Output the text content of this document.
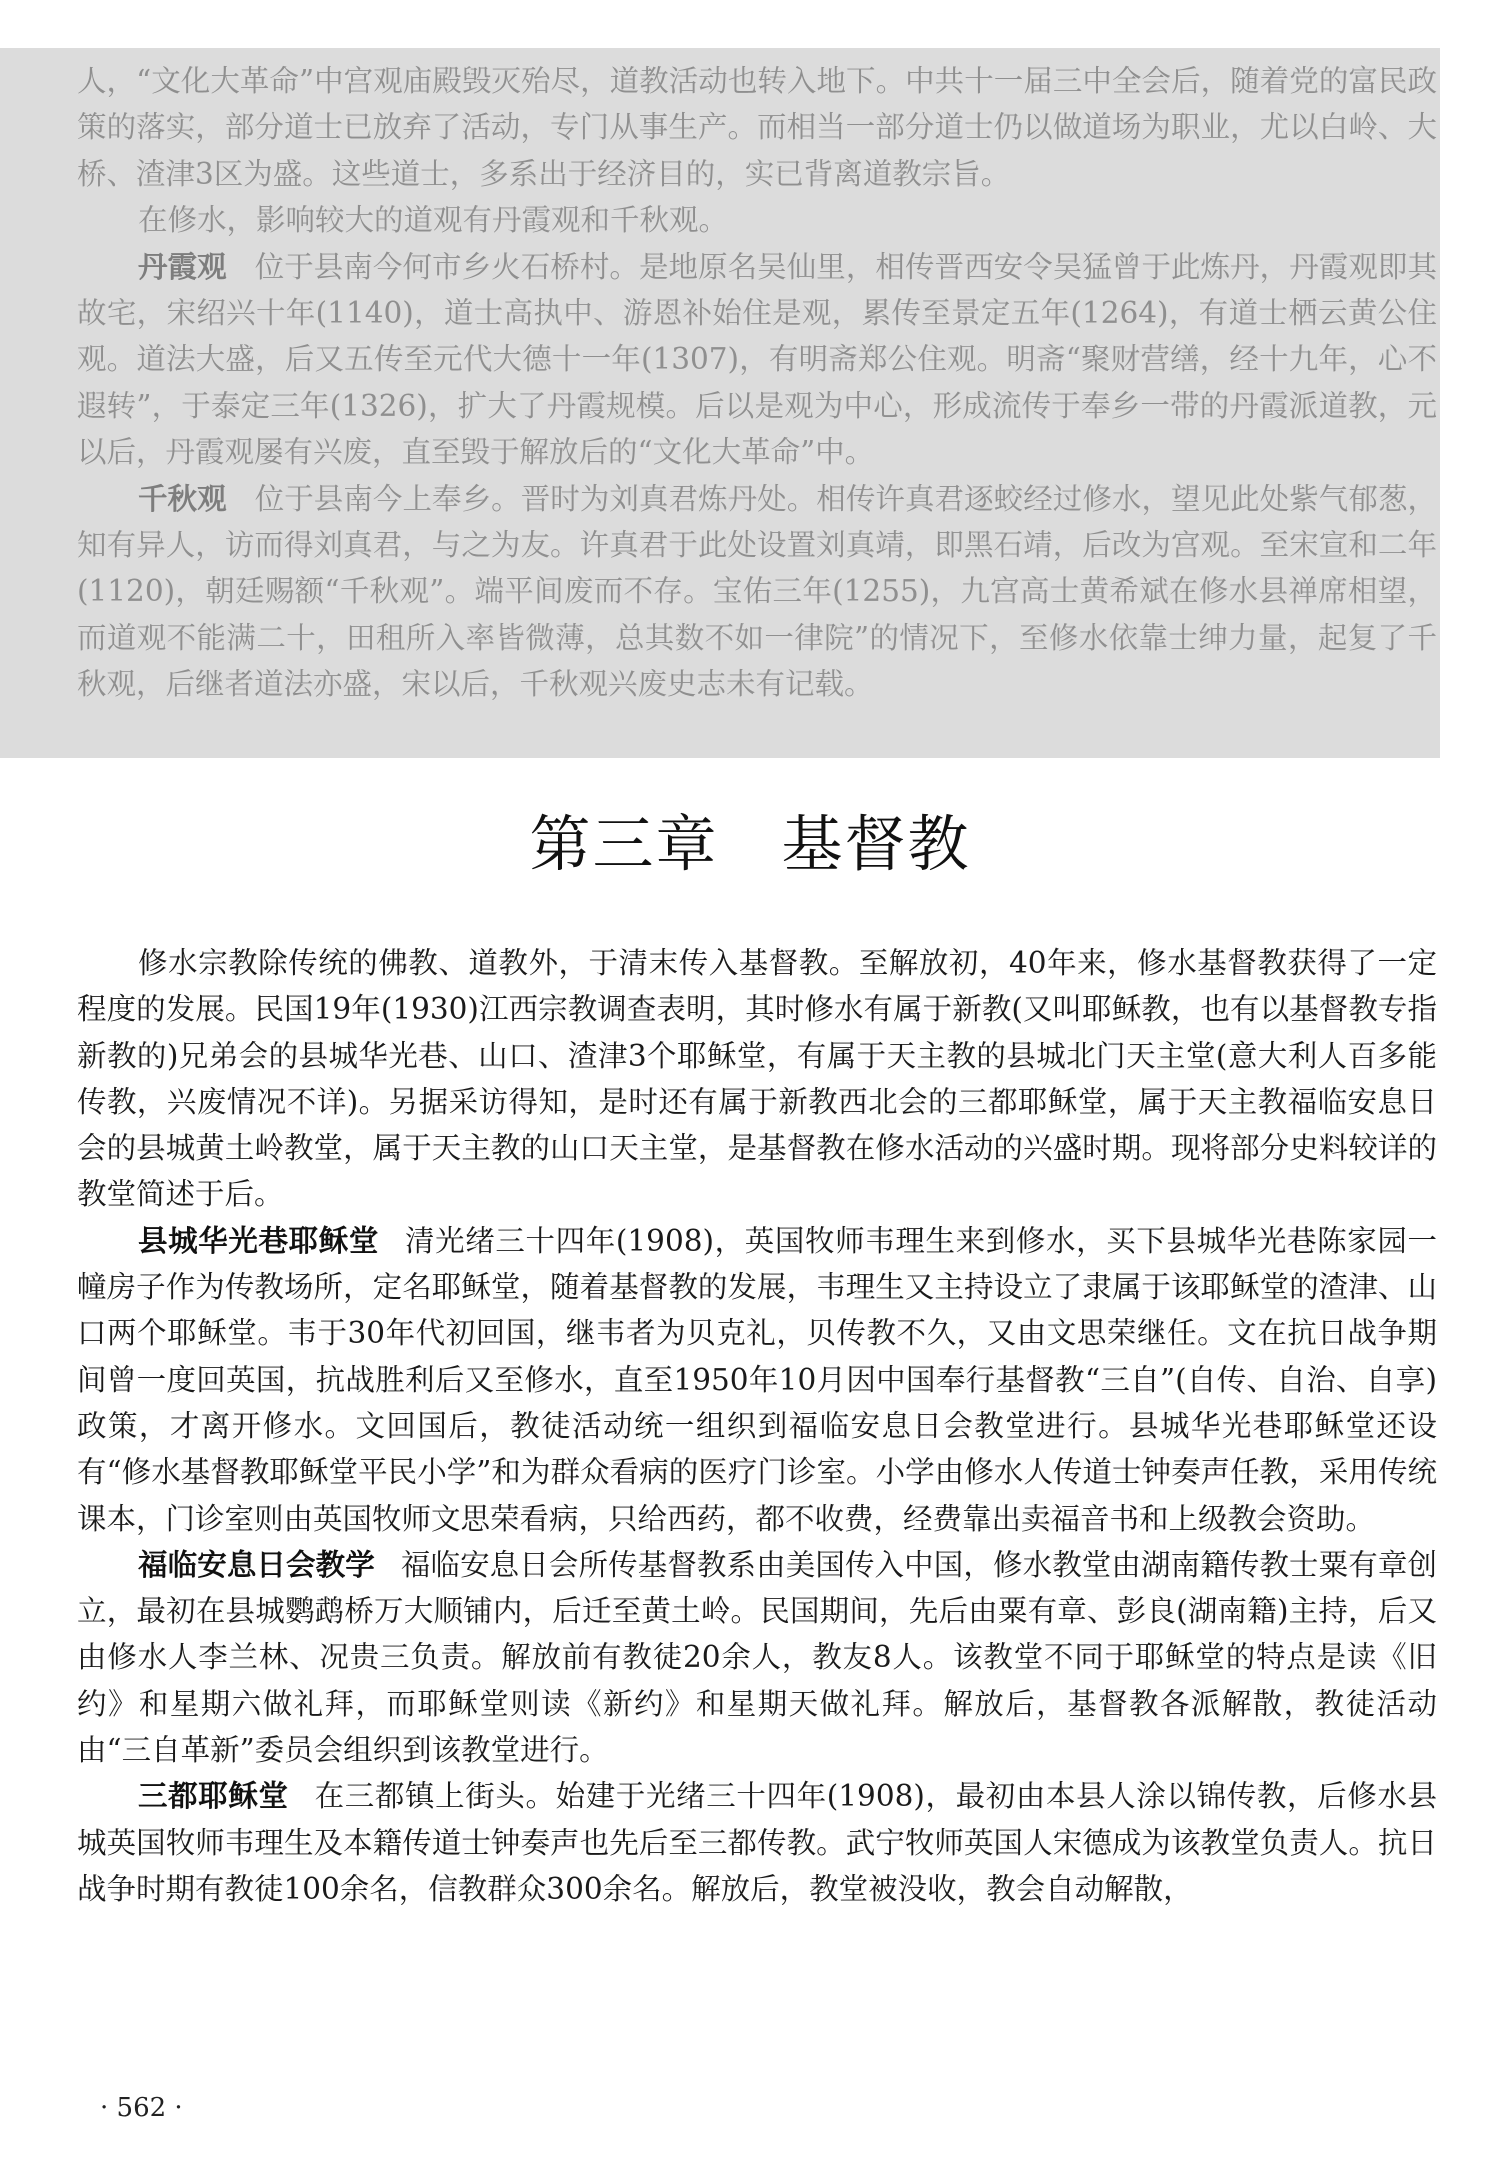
人，“文化大革命”中宫观庙殿毁灭殆尽，道教活动也转入地下。中共十一届三中全会后，随着党的富民政策的落实，部分道士已放弃了活动，专门从事生产。而相当一部分道士仍以做道场为职业，尤以白岭、大桥、渣津3区为盛。这些道士，多系出于经济目的，实已背离道教宗旨。

在修水，影响较大的道观有丹霞观和千秋观。

丹霞观 位于县南今何市乡火石桥村。是地原名吴仙里，相传晋西安令吴猛曾于此炼丹，丹霞观即其故宅，宋绍兴十年(1140)，道士高执中、游恩补始住是观，累传至景定五年(1264)，有道士栖云黄公住观。道法大盛，后又五传至元代大德十一年(1307)，有明斋郑公住观。明斋“聚财营缮，经十九年，心不遐转”，于泰定三年(1326)，扩大了丹霞规模。后以是观为中心，形成流传于奉乡一带的丹霞派道教，元以后，丹霞观屡有兴废，直至毁于解放后的“文化大革命”中。

千秋观 位于县南今上奉乡。晋时为刘真君炼丹处。相传许真君逐蛟经过修水，望见此处紫气郁葱，知有异人，访而得刘真君，与之为友。许真君于此处设置刘真靖，即黑石靖，后改为宫观。至宋宣和二年(1120)，朝廷赐额“千秋观”。端平间废而不存。宝佑三年(1255)，九宫高士黄希斌在修水县禅席相望，而道观不能满二十，田租所入率皆微薄，总其数不如一律院”的情况下，至修水依靠士绅力量，起复了千秋观，后继者道法亦盛，宋以后，千秋观兴废史志未有记载。

第三章　基督教

修水宗教除传统的佛教、道教外，于清末传入基督教。至解放初，40年来，修水基督教获得了一定程度的发展。民国19年(1930)江西宗教调查表明，其时修水有属于新教(又叫耶稣教，也有以基督教专指新教的)兄弟会的县城华光巷、山口、渣津3个耶稣堂，有属于天主教的县城北门天主堂(意大利人百多能传教，兴废情况不详)。另据采访得知，是时还有属于新教西北会的三都耶稣堂，属于天主教福临安息日会的县城黄土岭教堂，属于天主教的山口天主堂，是基督教在修水活动的兴盛时期。现将部分史料较详的教堂简述于后。

县城华光巷耶稣堂 清光绪三十四年(1908)，英国牧师韦理生来到修水，买下县城华光巷陈家园一幢房子作为传教场所，定名耶稣堂，随着基督教的发展，韦理生又主持设立了隶属于该耶稣堂的渣津、山口两个耶稣堂。韦于30年代初回国，继韦者为贝克礼，贝传教不久，又由文思荣继任。文在抗日战争期间曾一度回英国，抗战胜利后又至修水，直至1950年10月因中国奉行基督教“三自”(自传、自治、自享)政策，才离开修水。文回国后，教徒活动统一组织到福临安息日会教堂进行。县城华光巷耶稣堂还设有“修水基督教耶稣堂平民小学”和为群众看病的医疗门诊室。小学由修水人传道士钟奏声任教，采用传统课本，门诊室则由英国牧师文思荣看病，只给西药，都不收费，经费靠出卖福音书和上级教会资助。

福临安息日会教学 福临安息日会所传基督教系由美国传入中国，修水教堂由湖南籍传教士粟有章创立，最初在县城鹦鹉桥万大顺铺内，后迁至黄土岭。民国期间，先后由粟有章、彭良(湖南籍)主持，后又由修水人李兰林、况贵三负责。解放前有教徒20余人，教友8人。该教堂不同于耶稣堂的特点是读《旧约》和星期六做礼拜，而耶稣堂则读《新约》和星期天做礼拜。解放后，基督教各派解散，教徒活动由“三自革新”委员会组织到该教堂进行。

三都耶稣堂 在三都镇上街头。始建于光绪三十四年(1908)，最初由本县人涂以锦传教，后修水县城英国牧师韦理生及本籍传道士钟奏声也先后至三都传教。武宁牧师英国人宋德成为该教堂负责人。抗日战争时期有教徒100余名，信教群众300余名。解放后，教堂被没收，教会自动解散，

· 562 ·
